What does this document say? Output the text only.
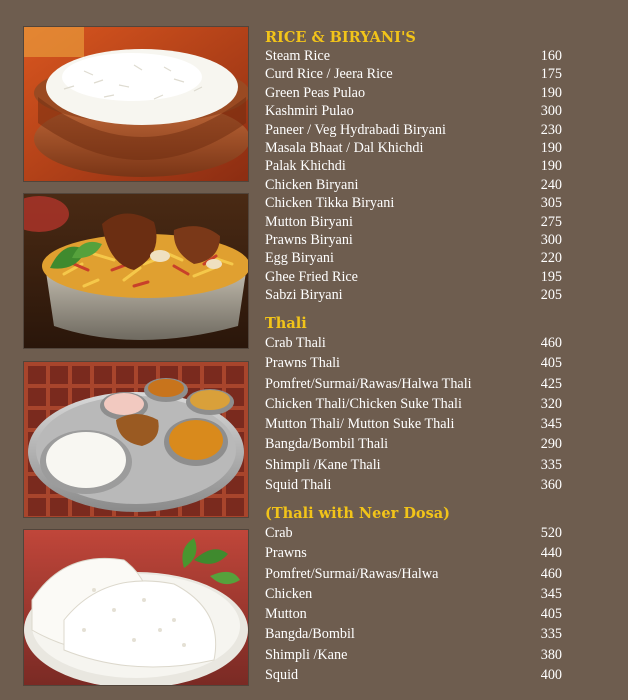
RICE & BIRYANI'S
Steam Rice	160
Curd Rice / Jeera Rice	175
Green Peas Pulao	190
Kashmiri Pulao	300
Paneer / Veg Hydrabadi Biryani	230
Masala Bhaat / Dal Khichdi	190
Palak Khichdi	190
Chicken Biryani	240
Chicken Tikka Biryani	305
Mutton Biryani	275
Prawns Biryani	300
Egg Biryani	220
Ghee Fried Rice	195
Sabzi Biryani	205
Thali
Crab Thali	460
Prawns Thali	405
Pomfret/Surmai/Rawas/Halwa Thali	425
Chicken Thali/Chicken Suke Thali	320
Mutton Thali/ Mutton Suke Thali	345
Bangda/Bombil Thali	290
Shimpli /Kane Thali	335
Squid Thali	360
(Thali with Neer Dosa)
Crab	520
Prawns	440
Pomfret/Surmai/Rawas/Halwa	460
Chicken	345
Mutton	405
Bangda/Bombil	335
Shimpli /Kane	380
Squid	400
